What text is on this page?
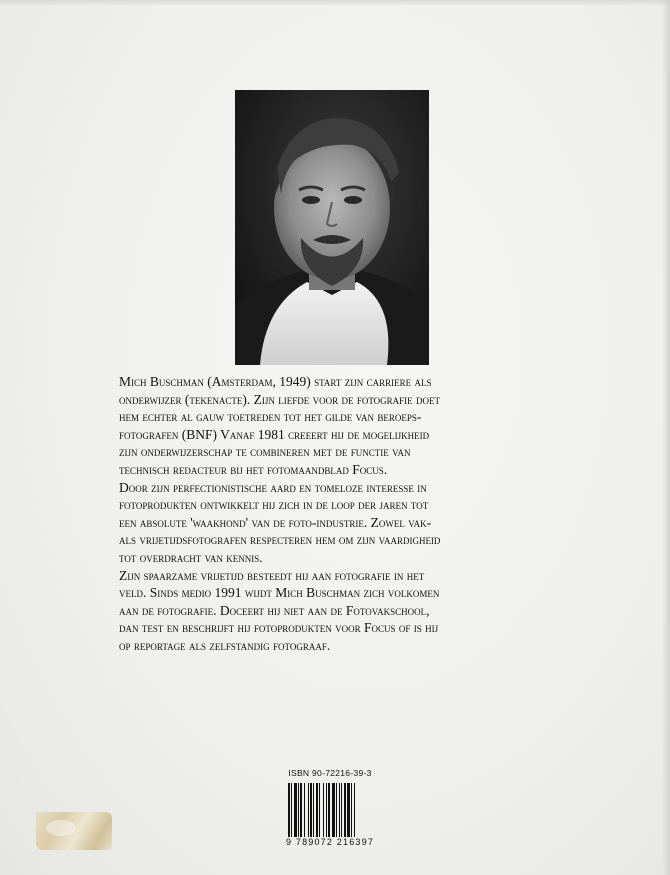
Mich Buschman (Amsterdam, 1949) start zijn carriere als
onderwijzer (tekenacte). Zijn liefde voor de fotografie doet
hem echter al gauw toetreden tot het gilde van beroeps-
fotografen (BNF) Vanaf 1981 creeert hij de mogelijkheid
zijn onderwijzerschap te combineren met de functie van
technisch redacteur bij het fotomaandblad Focus.
Door zijn perfectionistische aard en tomeloze interesse in
fotoprodukten ontwikkelt hij zich in de loop der jaren tot
een absolute 'waakhond' van de foto-industrie. Zowel vak-
als vrijetijdsfotografen respecteren hem om zijn vaardigheid
tot overdracht van kennis.
Zijn spaarzame vrijetijd besteedt hij aan fotografie in het
veld. Sinds medio 1991 wijdt Mich Buschman zich volkomen
aan de fotografie. Doceert hij niet aan de Fotovakschool,
dan test en beschrijft hij fotoprodukten voor Focus of is hij
op reportage als zelfstandig fotograaf.

ISBN 90-72216-39-3
9 789072 216397
